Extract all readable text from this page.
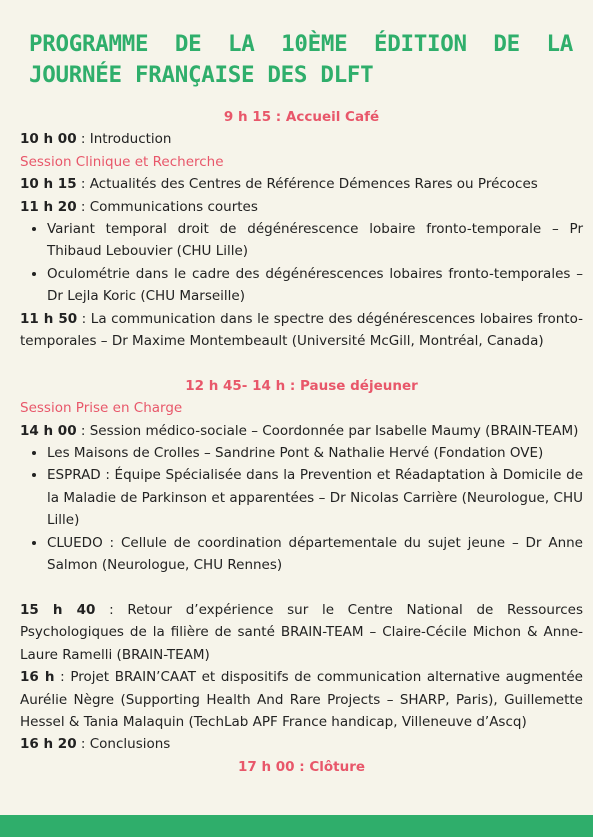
PROGRAMME DE LA 10ÈME ÉDITION DE LA JOURNÉE FRANÇAISE DES DLFT
9 h 15 : Accueil Café
10 h 00 : Introduction
Session Clinique et Recherche
10 h 15 : Actualités des Centres de Référence Démences Rares ou Précoces
11 h 20 : Communications courtes
• Variant temporal droit de dégénérescence lobaire fronto-temporale – Pr Thibaud Lebouvier (CHU Lille)
• Oculométrie dans le cadre des dégénérescences lobaires fronto-temporales – Dr Lejla Koric (CHU Marseille)
11 h 50 : La communication dans le spectre des dégénérescences lobaires fronto-temporales – Dr Maxime Montembeault (Université McGill, Montréal, Canada)
12 h 45- 14 h : Pause déjeuner
Session Prise en Charge
14 h 00 : Session médico-sociale – Coordonnée par Isabelle Maumy (BRAIN-TEAM)
• Les Maisons de Crolles – Sandrine Pont & Nathalie Hervé (Fondation OVE)
• ESPRAD : Équipe Spécialisée dans la Prevention et Réadaptation à Domicile de la Maladie de Parkinson et apparentées – Dr Nicolas Carrière (Neurologue, CHU Lille)
• CLUEDO : Cellule de coordination départementale du sujet jeune – Dr Anne Salmon (Neurologue, CHU Rennes)
15 h 40 : Retour d’expérience sur le Centre National de Ressources Psychologiques de la filière de santé BRAIN-TEAM – Claire-Cécile Michon & Anne-Laure Ramelli (BRAIN-TEAM)
16 h : Projet BRAIN’CAAT et dispositifs de communication alternative augmentée Aurélie Nègre (Supporting Health And Rare Projects – SHARP, Paris), Guillemette Hessel & Tania Malaquin (TechLab APF France handicap, Villeneuve d’Ascq)
16 h 20 : Conclusions
17 h 00 : Clôture
